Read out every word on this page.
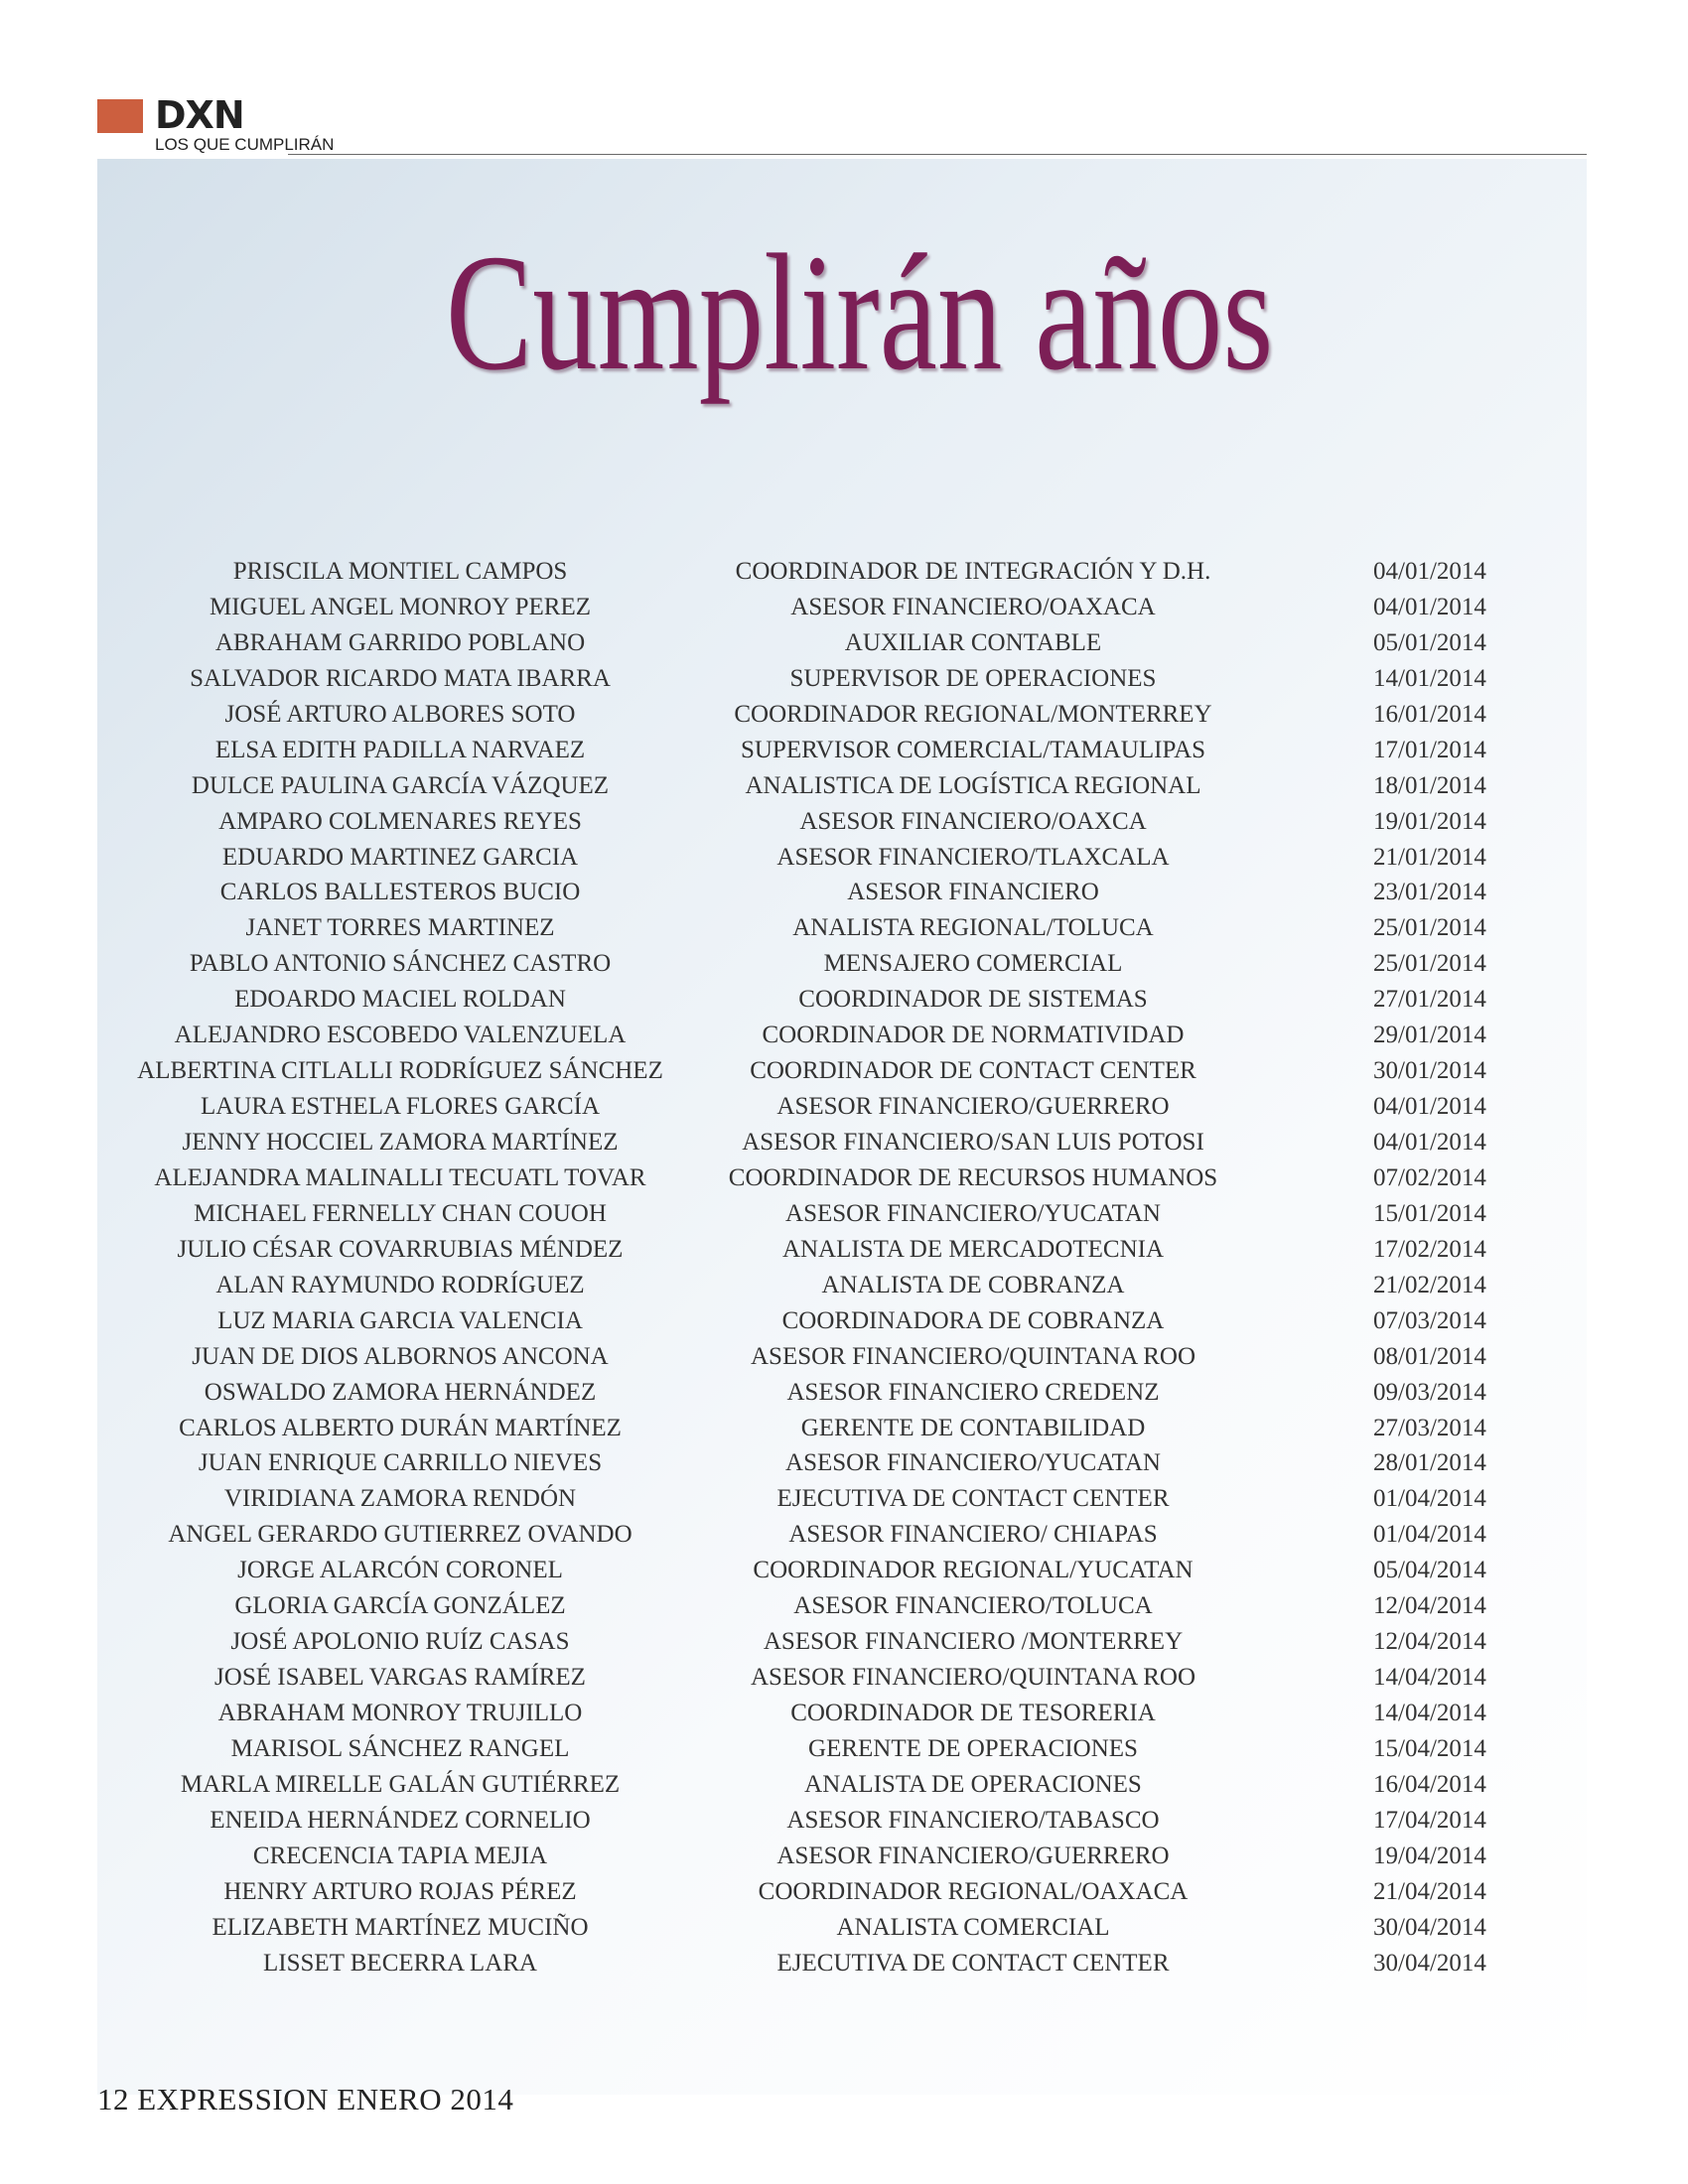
DXN
LOS QUE CUMPLIRÁN
Cumplirán años
PRISCILA MONTIEL CAMPOS	COORDINADOR DE INTEGRACIÓN Y D.H.	04/01/2014
MIGUEL ANGEL MONROY PEREZ	ASESOR FINANCIERO/OAXACA	04/01/2014
ABRAHAM GARRIDO POBLANO	AUXILIAR CONTABLE	05/01/2014
SALVADOR RICARDO MATA IBARRA	SUPERVISOR DE OPERACIONES	14/01/2014
JOSÉ ARTURO ALBORES SOTO	COORDINADOR REGIONAL/MONTERREY	16/01/2014
ELSA EDITH PADILLA NARVAEZ	SUPERVISOR COMERCIAL/TAMAULIPAS	17/01/2014
DULCE PAULINA GARCÍA VÁZQUEZ	ANALISTICA DE LOGÍSTICA REGIONAL	18/01/2014
AMPARO COLMENARES REYES	ASESOR FINANCIERO/OAXCA	19/01/2014
EDUARDO MARTINEZ GARCIA	ASESOR FINANCIERO/TLAXCALA	21/01/2014
CARLOS BALLESTEROS BUCIO	ASESOR FINANCIERO	23/01/2014
JANET TORRES MARTINEZ	ANALISTA REGIONAL/TOLUCA	25/01/2014
PABLO ANTONIO SÁNCHEZ CASTRO	MENSAJERO COMERCIAL	25/01/2014
EDOARDO MACIEL ROLDAN	COORDINADOR DE SISTEMAS	27/01/2014
ALEJANDRO ESCOBEDO VALENZUELA	COORDINADOR DE NORMATIVIDAD	29/01/2014
ALBERTINA CITLALLI RODRÍGUEZ SÁNCHEZ	COORDINADOR DE CONTACT CENTER	30/01/2014
LAURA ESTHELA FLORES GARCÍA	ASESOR FINANCIERO/GUERRERO	04/01/2014
JENNY HOCCIEL ZAMORA MARTÍNEZ	ASESOR FINANCIERO/SAN LUIS POTOSI	04/01/2014
ALEJANDRA MALINALLI TECUATL TOVAR	COORDINADOR DE RECURSOS HUMANOS	07/02/2014
MICHAEL FERNELLY CHAN COUOH	ASESOR FINANCIERO/YUCATAN	15/01/2014
JULIO CÉSAR COVARRUBIAS MÉNDEZ	ANALISTA DE MERCADOTECNIA	17/02/2014
ALAN RAYMUNDO RODRÍGUEZ	ANALISTA DE COBRANZA	21/02/2014
LUZ MARIA GARCIA VALENCIA	COORDINADORA DE COBRANZA	07/03/2014
JUAN DE DIOS ALBORNOS ANCONA	ASESOR FINANCIERO/QUINTANA ROO	08/01/2014
OSWALDO ZAMORA HERNÁNDEZ	ASESOR FINANCIERO CREDENZ	09/03/2014
CARLOS ALBERTO DURÁN MARTÍNEZ	GERENTE DE CONTABILIDAD	27/03/2014
JUAN ENRIQUE CARRILLO NIEVES	ASESOR FINANCIERO/YUCATAN	28/01/2014
VIRIDIANA ZAMORA RENDÓN	EJECUTIVA DE CONTACT CENTER	01/04/2014
ANGEL GERARDO GUTIERREZ OVANDO	ASESOR FINANCIERO/ CHIAPAS	01/04/2014
JORGE ALARCÓN CORONEL	COORDINADOR REGIONAL/YUCATAN	05/04/2014
GLORIA GARCÍA GONZÁLEZ	ASESOR FINANCIERO/TOLUCA	12/04/2014
JOSÉ APOLONIO RUÍZ CASAS	ASESOR FINANCIERO /MONTERREY	12/04/2014
JOSÉ ISABEL VARGAS RAMÍREZ	ASESOR FINANCIERO/QUINTANA ROO	14/04/2014
ABRAHAM MONROY TRUJILLO	COORDINADOR DE TESORERIA	14/04/2014
MARISOL SÁNCHEZ RANGEL	GERENTE DE OPERACIONES	15/04/2014
MARLA MIRELLE GALÁN GUTIÉRREZ	ANALISTA DE OPERACIONES	16/04/2014
ENEIDA HERNÁNDEZ CORNELIO	ASESOR FINANCIERO/TABASCO	17/04/2014
CRECENCIA TAPIA MEJIA	ASESOR FINANCIERO/GUERRERO	19/04/2014
HENRY ARTURO ROJAS PÉREZ	COORDINADOR REGIONAL/OAXACA	21/04/2014
ELIZABETH MARTÍNEZ MUCIÑO	ANALISTA COMERCIAL	30/04/2014
LISSET BECERRA LARA	EJECUTIVA DE CONTACT CENTER	30/04/2014
12 EXPRESSION ENERO 2014
